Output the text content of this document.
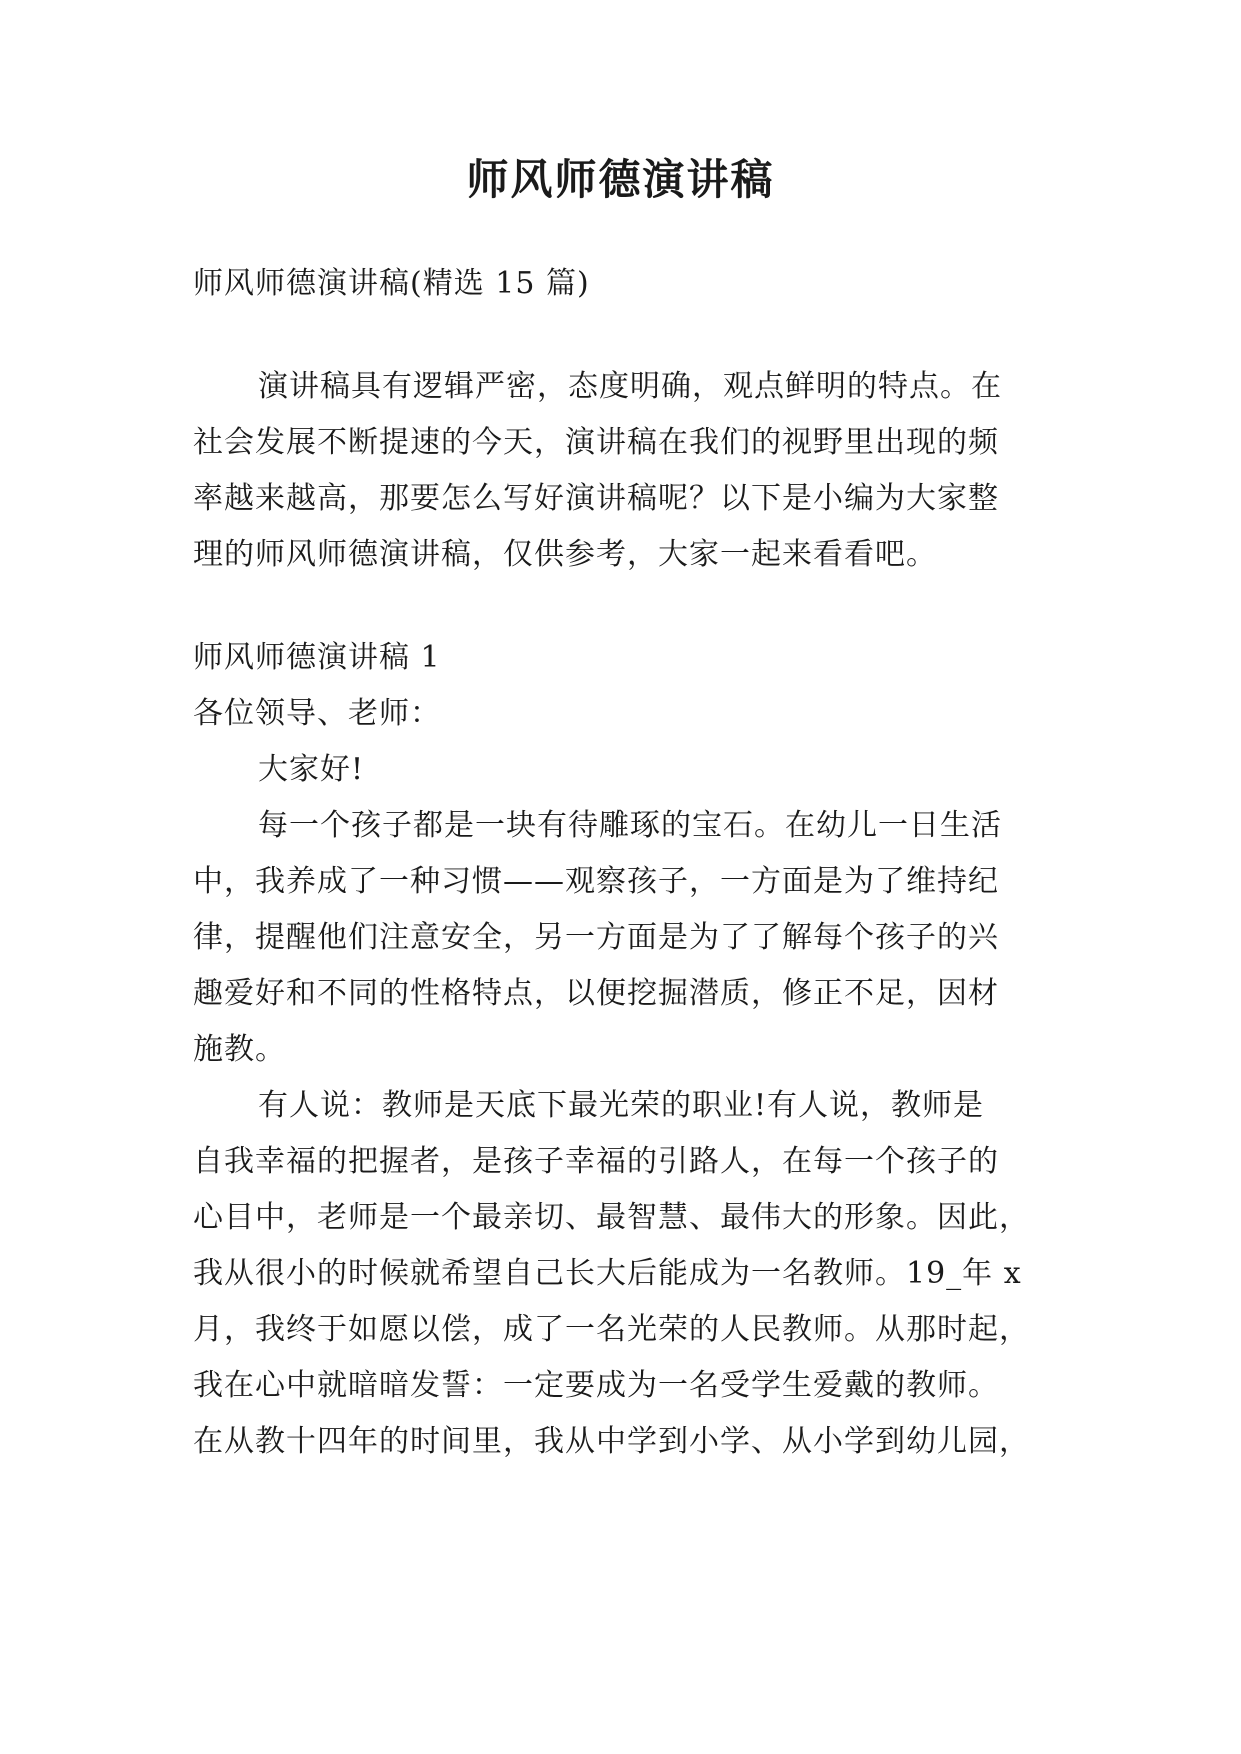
师风师德演讲稿
师风师德演讲稿(精选 15 篇)
演讲稿具有逻辑严密，态度明确，观点鲜明的特点。在
社会发展不断提速的今天，演讲稿在我们的视野里出现的频
率越来越高，那要怎么写好演讲稿呢？以下是小编为大家整
理的师风师德演讲稿，仅供参考，大家一起来看看吧。
师风师德演讲稿 1
各位领导、老师：
大家好!
每一个孩子都是一块有待雕琢的宝石。在幼儿一日生活
中，我养成了一种习惯——观察孩子，一方面是为了维持纪
律，提醒他们注意安全，另一方面是为了了解每个孩子的兴
趣爱好和不同的性格特点，以便挖掘潜质，修正不足，因材
施教。
有人说：教师是天底下最光荣的职业!有人说，教师是
自我幸福的把握者，是孩子幸福的引路人，在每一个孩子的
心目中，老师是一个最亲切、最智慧、最伟大的形象。因此，
我从很小的时候就希望自己长大后能成为一名教师。19_年 x
月，我终于如愿以偿，成了一名光荣的人民教师。从那时起，
我在心中就暗暗发誓：一定要成为一名受学生爱戴的教师。
在从教十四年的时间里，我从中学到小学、从小学到幼儿园，
